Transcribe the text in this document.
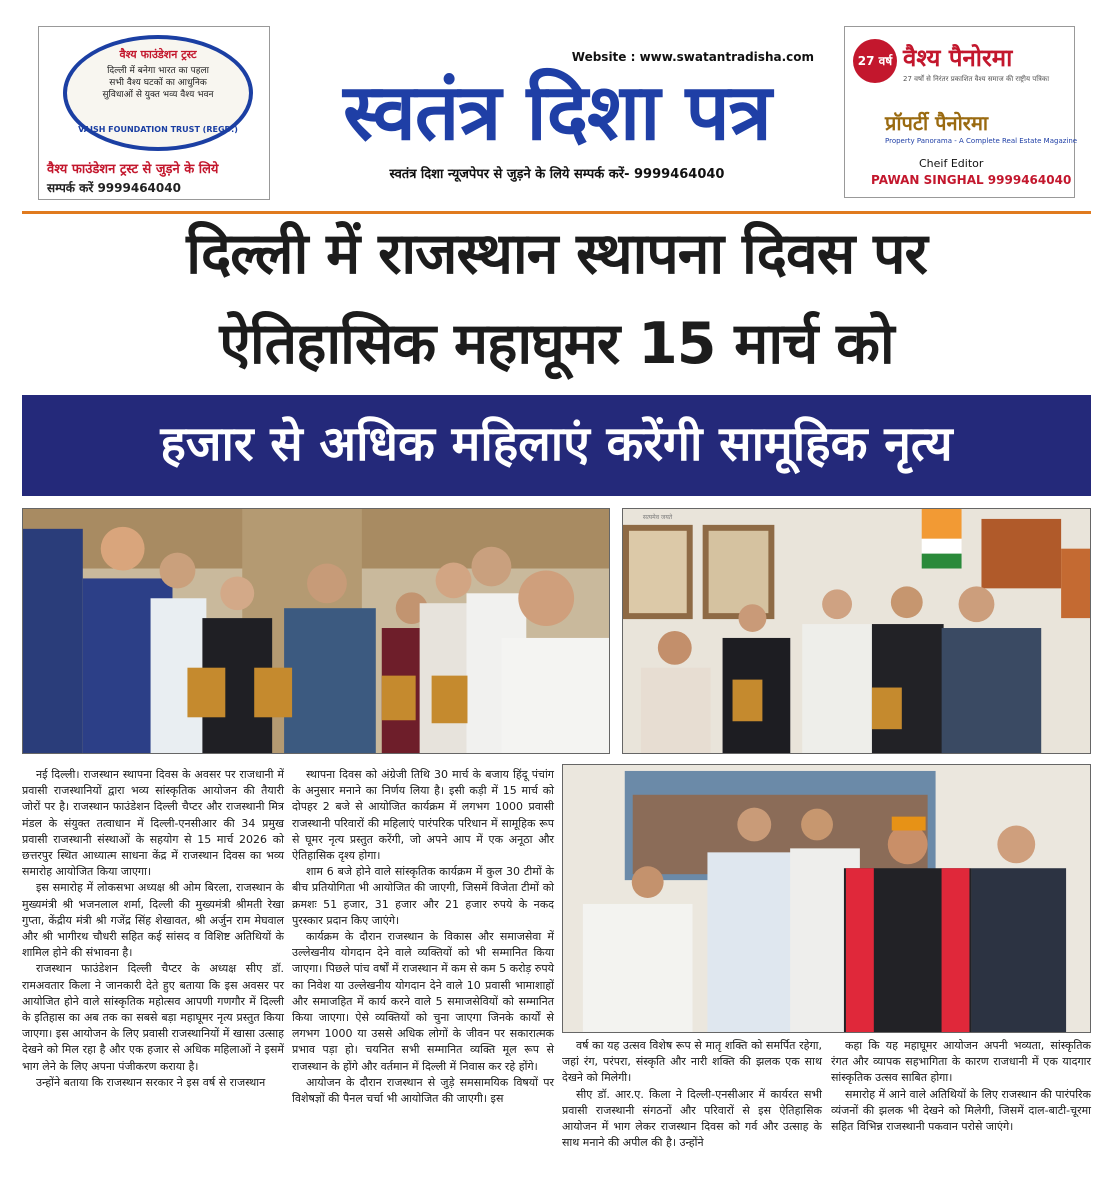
वैश्य फाउंडेशन ट्रस्ट
दिल्ली में बनेगा भारत का पहला सभी वैश्य घटकों का आधुनिक सुविधाओं से युक्त भव्य वैश्य भवन
VAISH FOUNDATION TRUST (REGD.)
वैश्य फाउंडेशन ट्रस्ट से जुड़ने के लिये
सम्पर्क करें 9999464040
Website : www.swatantradisha.com
स्वतंत्र दिशा पत्र
स्वतंत्र दिशा न्यूजपेपर से जुड़ने के लिये सम्पर्क करें- 9999464040
27 वर्ष वैश्य पैनोरमा
27 वर्षों से निरंतर प्रकाशित वैश्य समाज की राष्ट्रीय पत्रिका
प्रॉपर्टी पैनोरमा
Property Panorama - A Complete Real Estate Magazine
Cheif Editor
PAWAN SINGHAL 9999464040
दिल्ली में राजस्थान स्थापना दिवस पर
ऐतिहासिक महाघूमर 15 मार्च को
हजार से अधिक महिलाएं करेंगी सामूहिक नृत्य
सत्यमेव जयते

नई दिल्ली। राजस्थान स्थापना दिवस के अवसर पर राजधानी में प्रवासी राजस्थानियों द्वारा भव्य सांस्कृतिक आयोजन की तैयारी जोरों पर है। राजस्थान फाउंडेशन दिल्ली चैप्टर और राजस्थानी मित्र मंडल के संयुक्त तत्वाधान में दिल्ली-एनसीआर की 34 प्रमुख प्रवासी राजस्थानी संस्थाओं के सहयोग से 15 मार्च 2026 को छत्तरपुर स्थित आध्यात्म साधना केंद्र में राजस्थान दिवस का भव्य समारोह आयोजित किया जाएगा।

इस समारोह में लोकसभा अध्यक्ष श्री ओम बिरला, राजस्थान के मुख्यमंत्री श्री भजनलाल शर्मा, दिल्ली की मुख्यमंत्री श्रीमती रेखा गुप्ता, केंद्रीय मंत्री श्री गजेंद्र सिंह शेखावत, श्री अर्जुन राम मेघवाल और श्री भागीरथ चौधरी सहित कई सांसद व विशिष्ट अतिथियों के शामिल होने की संभावना है।

राजस्थान फाउंडेशन दिल्ली चैप्टर के अध्यक्ष सीए डॉ. रामअवतार किला ने जानकारी देते हुए बताया कि इस अवसर पर आयोजित होने वाले सांस्कृतिक महोत्सव आपणी गणगौर में दिल्ली के इतिहास का अब तक का सबसे बड़ा महाघूमर नृत्य प्रस्तुत किया जाएगा। इस आयोजन के लिए प्रवासी राजस्थानियों में खासा उत्साह देखने को मिल रहा है और एक हजार से अधिक महिलाओं ने इसमें भाग लेने के लिए अपना पंजीकरण कराया है।

उन्होंने बताया कि राजस्थान सरकार ने इस वर्ष से राजस्थान

स्थापना दिवस को अंग्रेजी तिथि 30 मार्च के बजाय हिंदू पंचांग के अनुसार मनाने का निर्णय लिया है। इसी कड़ी में 15 मार्च को दोपहर 2 बजे से आयोजित कार्यक्रम में लगभग 1000 प्रवासी राजस्थानी परिवारों की महिलाएं पारंपरिक परिधान में सामूहिक रूप से घूमर नृत्य प्रस्तुत करेंगी, जो अपने आप में एक अनूठा और ऐतिहासिक दृश्य होगा।

शाम 6 बजे होने वाले सांस्कृतिक कार्यक्रम में कुल 30 टीमों के बीच प्रतियोगिता भी आयोजित की जाएगी, जिसमें विजेता टीमों को क्रमशः 51 हजार, 31 हजार और 21 हजार रुपये के नकद पुरस्कार प्रदान किए जाएंगे।

कार्यक्रम के दौरान राजस्थान के विकास और समाजसेवा में उल्लेखनीय योगदान देने वाले व्यक्तियों को भी सम्मानित किया जाएगा। पिछले पांच वर्षों में राजस्थान में कम से कम 5 करोड़ रुपये का निवेश या उल्लेखनीय योगदान देने वाले 10 प्रवासी भामाशाहों और समाजहित में कार्य करने वाले 5 समाजसेवियों को सम्मानित किया जाएगा। ऐसे व्यक्तियों को चुना जाएगा जिनके कार्यों से लगभग 1000 या उससे अधिक लोगों के जीवन पर सकारात्मक प्रभाव पड़ा हो। चयनित सभी सम्मानित व्यक्ति मूल रूप से राजस्थान के होंगे और वर्तमान में दिल्ली में निवास कर रहे होंगे।

आयोजन के दौरान राजस्थान से जुड़े समसामयिक विषयों पर विशेषज्ञों की पैनल चर्चा भी आयोजित की जाएगी। इस

वर्ष का यह उत्सव विशेष रूप से मातृ शक्ति को समर्पित रहेगा, जहां रंग, परंपरा, संस्कृति और नारी शक्ति की झलक एक साथ देखने को मिलेगी।

सीए डॉ. आर.ए. किला ने दिल्ली-एनसीआर में कार्यरत सभी प्रवासी राजस्थानी संगठनों और परिवारों से इस ऐतिहासिक आयोजन में भाग लेकर राजस्थान दिवस को गर्व और उत्साह के साथ मनाने की अपील की है। उन्होंने

कहा कि यह महाघूमर आयोजन अपनी भव्यता, सांस्कृतिक रंगत और व्यापक सहभागिता के कारण राजधानी में एक यादगार सांस्कृतिक उत्सव साबित होगा।

समारोह में आने वाले अतिथियों के लिए राजस्थान की पारंपरिक व्यंजनों की झलक भी देखने को मिलेगी, जिसमें दाल-बाटी-चूरमा सहित विभिन्न राजस्थानी पकवान परोसे जाएंगे।
